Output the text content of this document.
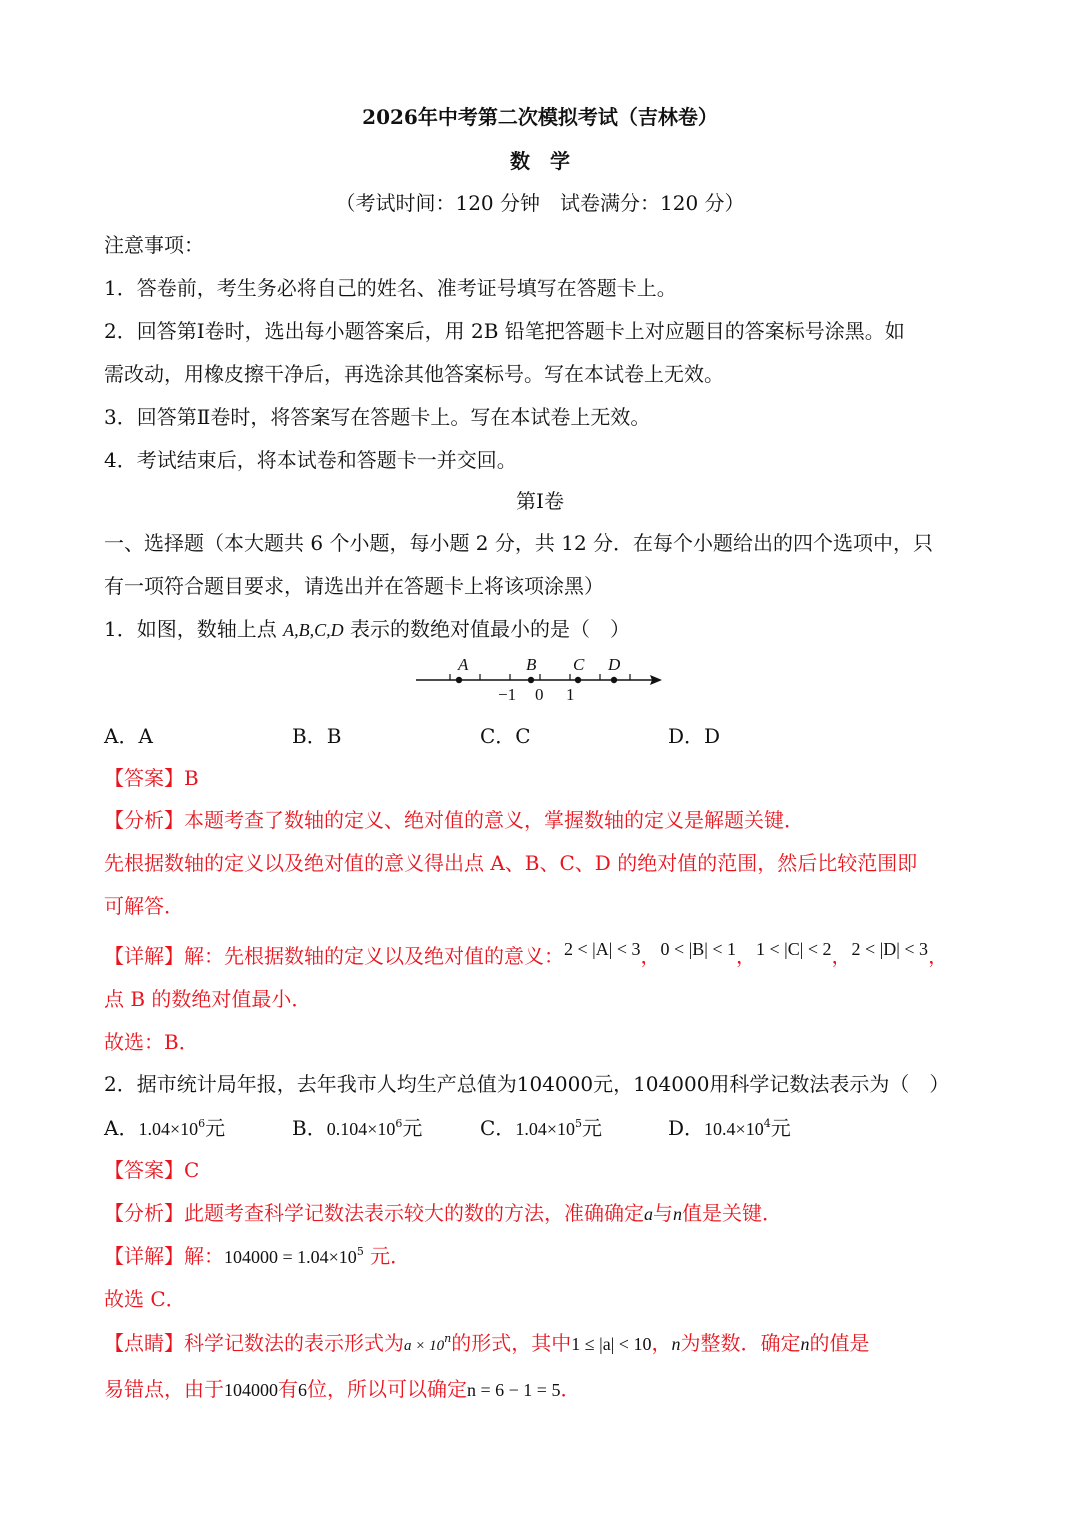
2026年中考第二次模拟考试（吉林卷）
数　学
（考试时间：120 分钟　试卷满分：120 分）
注意事项：
1．答卷前，考生务必将自己的姓名、准考证号填写在答题卡上。
2．回答第Ⅰ卷时，选出每小题答案后，用 2B 铅笔把答题卡上对应题目的答案标号涂黑。如
需改动，用橡皮擦干净后，再选涂其他答案标号。写在本试卷上无效。
3．回答第Ⅱ卷时，将答案写在答题卡上。写在本试卷上无效。
4．考试结束后，将本试卷和答题卡一并交回。
第Ⅰ卷
一、选择题（本大题共 6 个小题，每小题 2 分，共 12 分．在每个小题给出的四个选项中，只
有一项符合题目要求，请选出并在答题卡上将该项涂黑）
1．如图，数轴上点 A,B,C,D 表示的数绝对值最小的是（　）
A	B C D
−1 0 1
A．A	B．B	C．C	D．D
【答案】B
【分析】本题考查了数轴的定义、绝对值的意义，掌握数轴的定义是解题关键．
先根据数轴的定义以及绝对值的意义得出点 A、B、C、D 的绝对值的范围，然后比较范围即
可解答．
【详解】解：先根据数轴的定义以及绝对值的意义：2 < |A| < 3，0 < |B| < 1，1 < |C| < 2，2 < |D| < 3，
点 B 的数绝对值最小．
故选：B．
2．据市统计局年报，去年我市人均生产总值为104000元，104000用科学记数法表示为（　）
A．$1.04\times 10^6$元	B．$0.104\times 10^6$元	C．$1.04\times 10^5$元	D．$10.4\times 10^4$元
【答案】C
【分析】此题考查科学记数法表示较大的数的方法，准确确定a与n值是关键．
【详解】解：$104000 = 1.04\times 10^5$ 元．
故选 C．
【点睛】科学记数法的表示形式为$a \times 10^n$的形式，其中1 ≤ |a| < 10，n为整数．确定n的值是
易错点，由于104000有6位，所以可以确定n = 6 − 1 = 5．
